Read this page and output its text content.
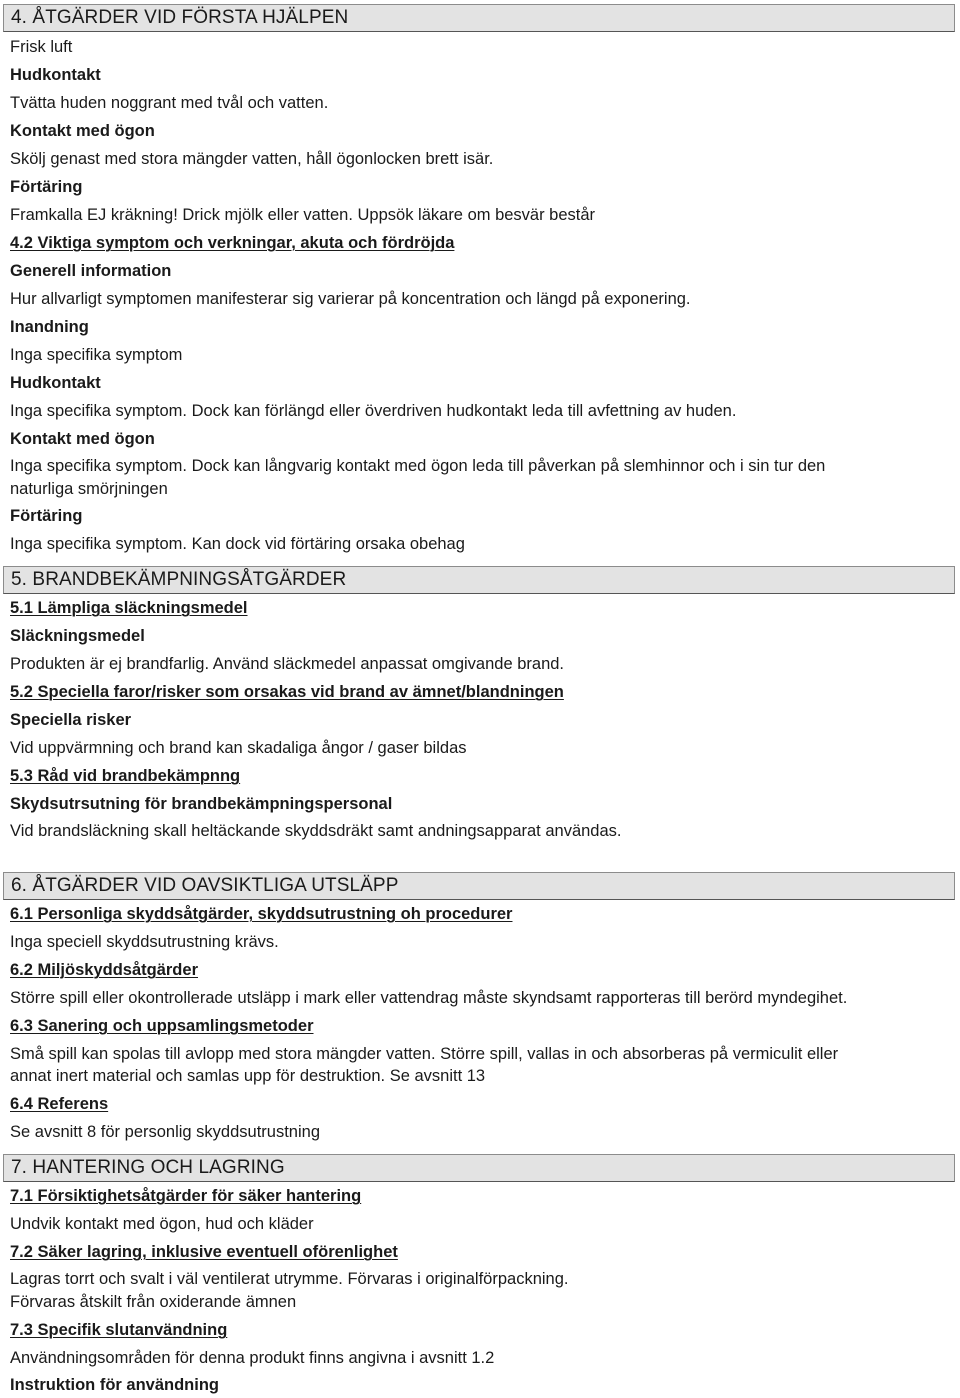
4. ÅTGÄRDER VID FÖRSTA HJÄLPEN
Frisk luft
Hudkontakt
Tvätta huden noggrant med tvål och vatten.
Kontakt med ögon
Skölj genast med stora mängder vatten, håll ögonlocken brett isär.
Förtäring
Framkalla EJ kräkning! Drick mjölk eller vatten. Uppsök läkare om besvär består
4.2 Viktiga symptom och verkningar, akuta och fördröjda
Generell information
Hur allvarligt symptomen manifesterar sig varierar på koncentration och längd på exponering.
Inandning
Inga specifika symptom
Hudkontakt
Inga specifika symptom. Dock kan förlängd eller överdriven hudkontakt leda till avfettning av huden.
Kontakt med ögon
Inga specifika symptom. Dock kan långvarig kontakt med ögon leda till påverkan på slemhinnor och i sin tur den
naturliga smörjningen
Förtäring
Inga specifika symptom. Kan dock vid förtäring orsaka obehag
5. BRANDBEKÄMPNINGSÅTGÄRDER
5.1 Lämpliga släckningsmedel
Släckningsmedel
Produkten är ej brandfarlig. Använd släckmedel anpassat omgivande brand.
5.2 Speciella faror/risker som orsakas vid brand av ämnet/blandningen
Speciella risker
Vid uppvärmning och brand kan skadaliga ångor / gaser bildas
5.3 Råd vid brandbekämpnng
Skydsutrsutning för brandbekämpningspersonal
Vid brandsläckning skall heltäckande skyddsdräkt samt andningsapparat användas.
6. ÅTGÄRDER VID OAVSIKTLIGA UTSLÄPP
6.1 Personliga skyddsåtgärder, skyddsutrustning oh procedurer
Inga speciell skyddsutrustning krävs.
6.2 Miljöskyddsåtgärder
Större spill eller okontrollerade utsläpp i mark eller vattendrag måste skyndsamt rapporteras till berörd myndegihet.
6.3 Sanering och uppsamlingsmetoder
Små spill kan spolas till avlopp med stora mängder vatten. Större spill, vallas in och absorberas på vermiculit eller
annat inert material och samlas upp för destruktion. Se avsnitt 13
6.4 Referens
Se avsnitt 8 för personlig skyddsutrustning
7. HANTERING OCH LAGRING
7.1 Försiktighetsåtgärder för säker hantering
Undvik kontakt med ögon, hud och kläder
7.2 Säker lagring, inklusive eventuell oförenlighet
Lagras torrt och svalt i väl ventilerat utrymme. Förvaras i originalförpackning.
Förvaras åtskilt från oxiderande ämnen
7.3 Specifik slutanvändning
Användningsområden för denna produkt finns angivna i avsnitt 1.2
Instruktion för användning
